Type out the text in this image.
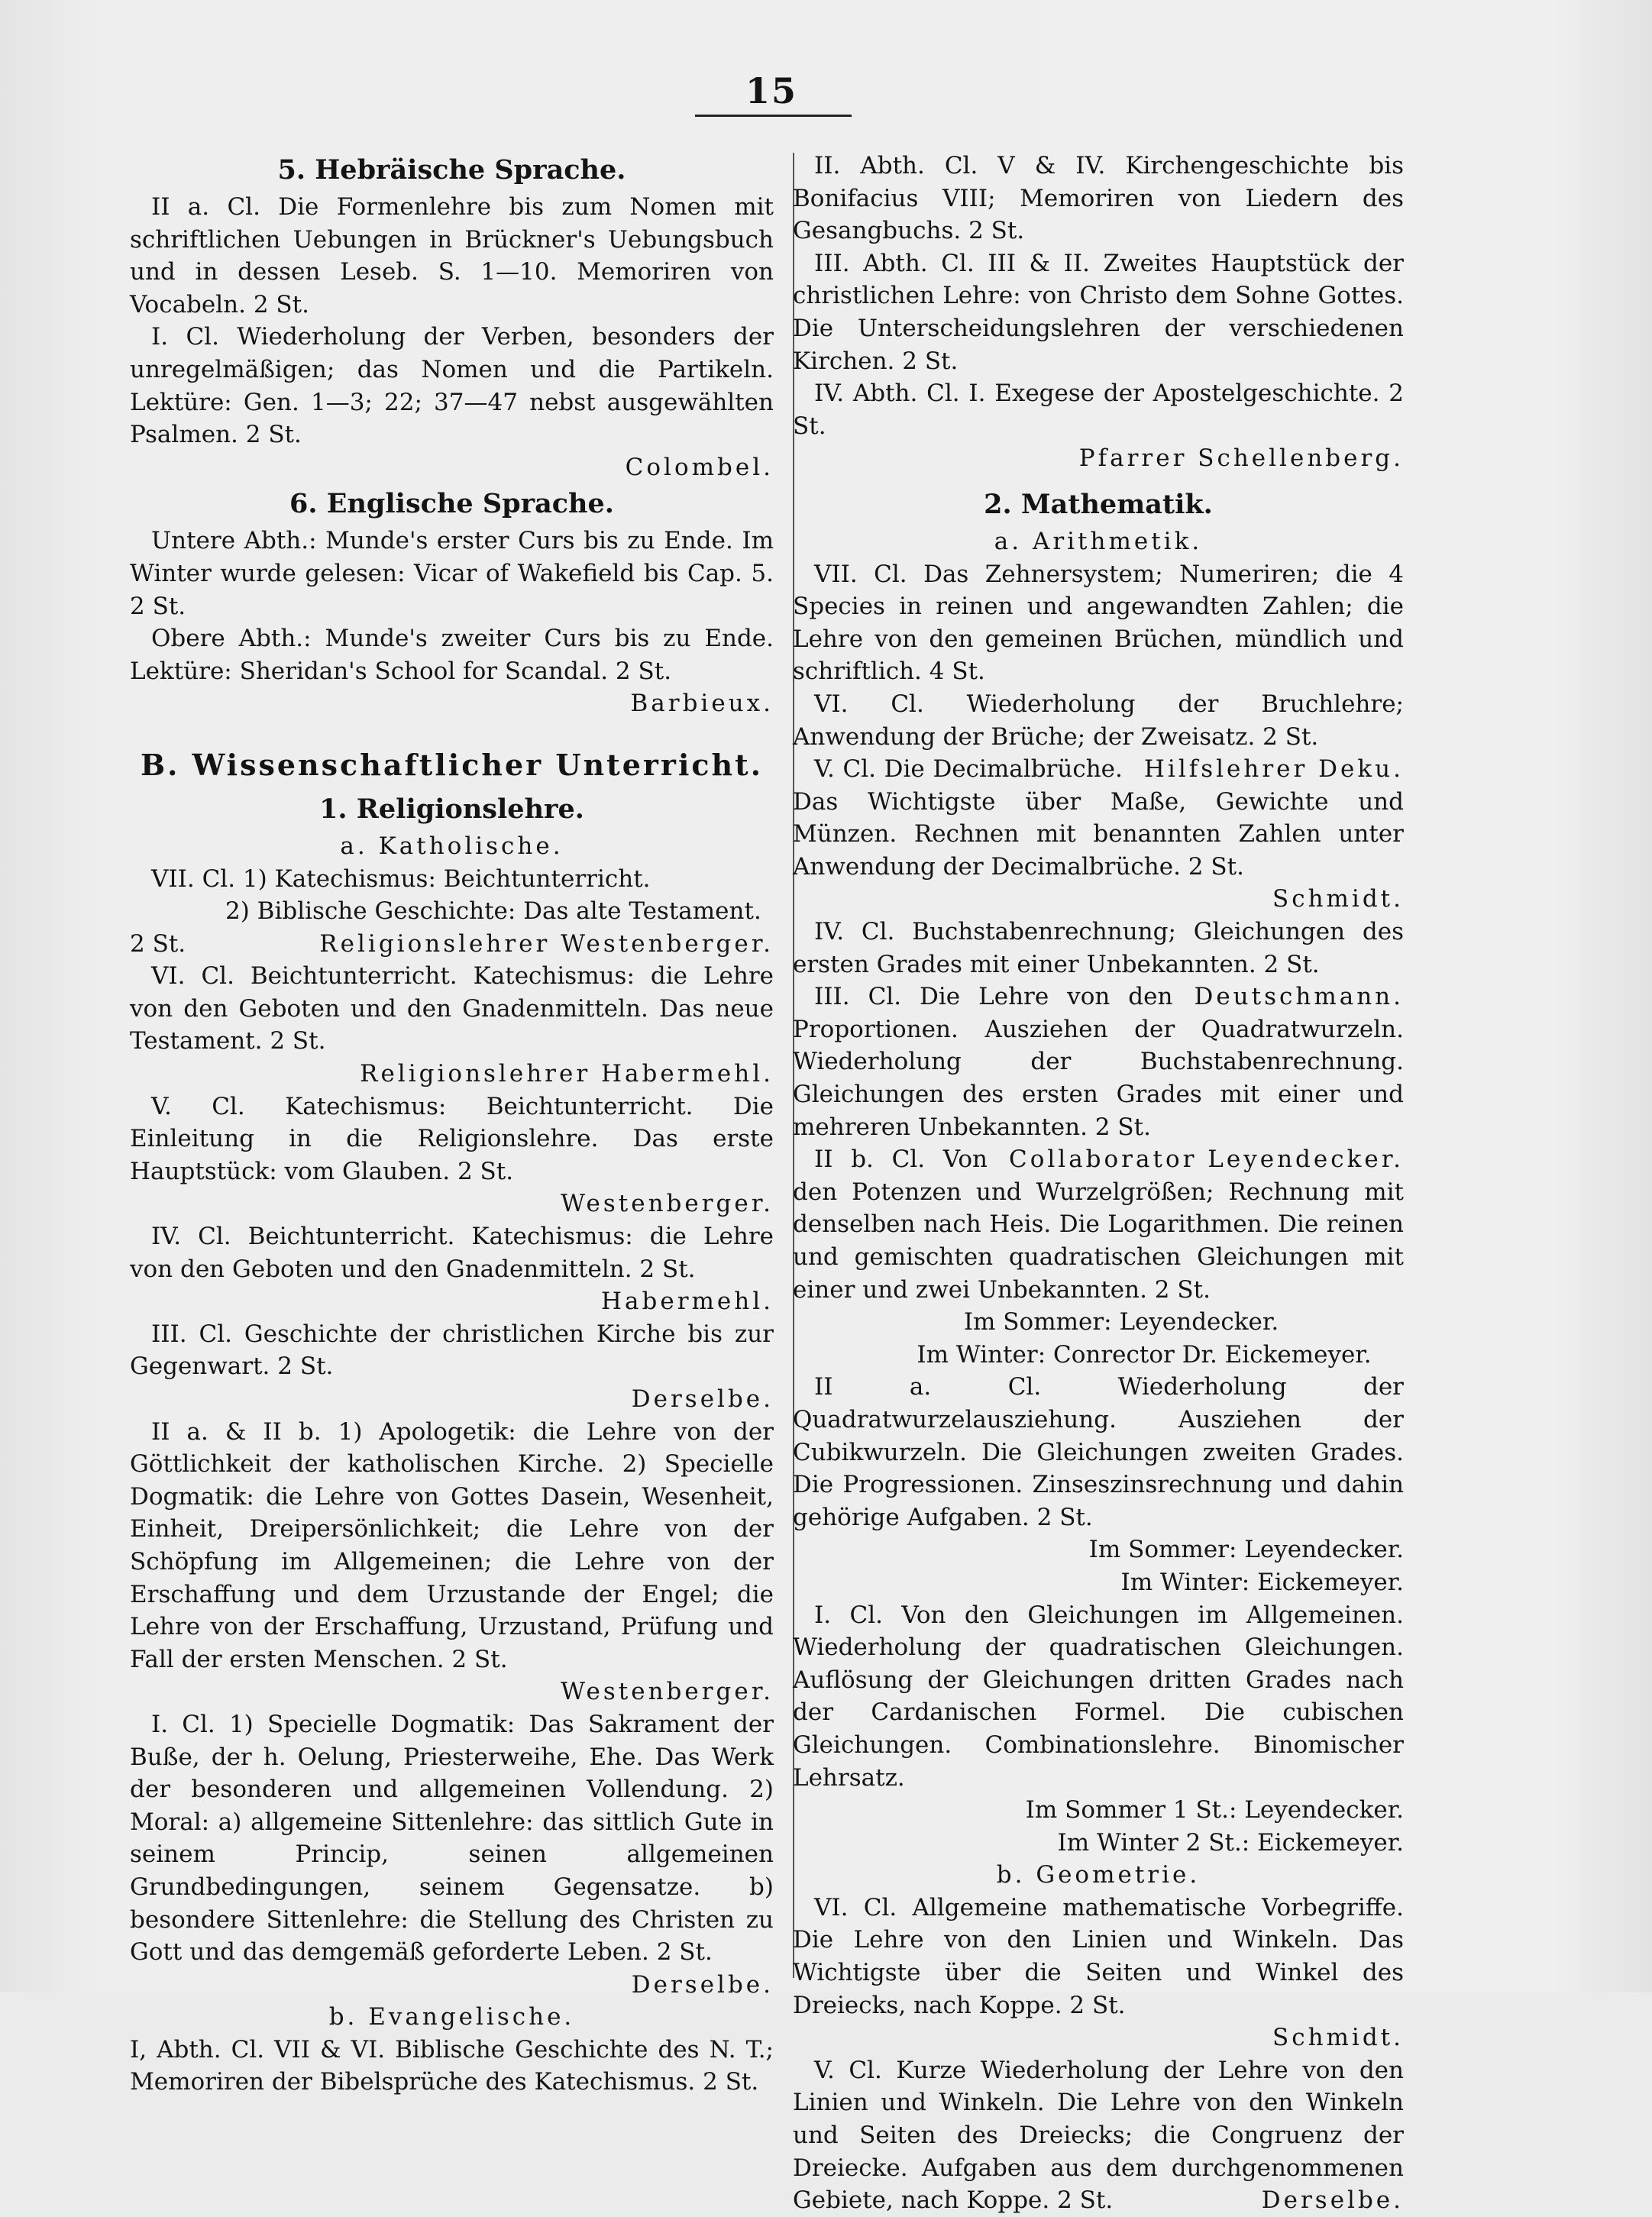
15

5. Hebräische Sprache.

II a. Cl. Die Formenlehre bis zum Nomen mit schriftlichen Uebungen in Brückner's Uebungsbuch und in dessen Leseb. S. 1—10. Memoriren von Vocabeln. 2 St.

I. Cl. Wiederholung der Verben, besonders der unregelmäßigen; das Nomen und die Partikeln. Lektüre: Gen. 1—3; 22; 37—47 nebst ausgewählten Psalmen. 2 St.

Colombel.

6. Englische Sprache.

Untere Abth.: Munde's erster Curs bis zu Ende. Im Winter wurde gelesen: Vicar of Wakefield bis Cap. 5. 2 St.

Obere Abth.: Munde's zweiter Curs bis zu Ende. Lektüre: Sheridan's School for Scandal. 2 St.

Barbieux.

B. Wissenschaftlicher Unterricht.

1. Religionslehre.

a. Katholische.

VII. Cl. 1) Katechismus: Beichtunterricht.

2) Biblische Geschichte: Das alte Testament.

2 St.	Religionslehrer Westenberger.

VI. Cl. Beichtunterricht. Katechismus: die Lehre von den Geboten und den Gnadenmitteln. Das neue Testament. 2 St.

Religionslehrer Habermehl.

V. Cl. Katechismus: Beichtunterricht. Die Einleitung in die Religionslehre. Das erste Hauptstück: vom Glauben. 2 St.

Westenberger.

IV. Cl. Beichtunterricht. Katechismus: die Lehre von den Geboten und den Gnadenmitteln. 2 St.

Habermehl.

III. Cl. Geschichte der christlichen Kirche bis zur Gegenwart. 2 St.

Derselbe.

II a. & II b. 1) Apologetik: die Lehre von der Göttlichkeit der katholischen Kirche. 2) Specielle Dogmatik: die Lehre von Gottes Dasein, Wesenheit, Einheit, Dreipersönlichkeit; die Lehre von der Schöpfung im Allgemeinen; die Lehre von der Erschaffung und dem Urzustande der Engel; die Lehre von der Erschaffung, Urzustand, Prüfung und Fall der ersten Menschen. 2 St.

Westenberger.

I. Cl. 1) Specielle Dogmatik: Das Sakrament der Buße, der h. Oelung, Priesterweihe, Ehe. Das Werk der besonderen und allgemeinen Vollendung. 2) Moral: a) allgemeine Sittenlehre: das sittlich Gute in seinem Princip, seinen allgemeinen Grundbedingungen, seinem Gegensatze. b) besondere Sittenlehre: die Stellung des Christen zu Gott und das demgemäß geforderte Leben. 2 St.

Derselbe.

b. Evangelische.

I, Abth. Cl. VII & VI. Biblische Geschichte des N. T.; Memoriren der Bibelsprüche des Katechismus. 2 St.

II. Abth. Cl. V & IV. Kirchengeschichte bis Bonifacius VIII; Memoriren von Liedern des Gesangbuchs. 2 St.

III. Abth. Cl. III & II. Zweites Hauptstück der christlichen Lehre: von Christo dem Sohne Gottes. Die Unterscheidungslehren der verschiedenen Kirchen. 2 St.

IV. Abth. Cl. I. Exegese der Apostelgeschichte. 2 St.

Pfarrer Schellenberg.

2. Mathematik.

a. Arithmetik.

VII. Cl. Das Zehnersystem; Numeriren; die 4 Species in reinen und angewandten Zahlen; die Lehre von den gemeinen Brüchen, mündlich und schriftlich. 4 St.

VI. Cl. Wiederholung der Bruchlehre; Anwendung der Brüche; der Zweisatz. 2 St.
Hilfslehrer Deku.

V. Cl. Die Decimalbrüche. Das Wichtigste über Maße, Gewichte und Münzen. Rechnen mit benannten Zahlen unter Anwendung der Decimalbrüche. 2 St.

Schmidt.

IV. Cl. Buchstabenrechnung; Gleichungen des ersten Grades mit einer Unbekannten. 2 St.
Deutschmann.

III. Cl. Die Lehre von den Proportionen. Ausziehen der Quadratwurzeln. Wiederholung der Buchstabenrechnung. Gleichungen des ersten Grades mit einer und mehreren Unbekannten. 2 St.
Collaborator Leyendecker.

II b. Cl. Von den Potenzen und Wurzelgrößen; Rechnung mit denselben nach Heis. Die Logarithmen. Die reinen und gemischten quadratischen Gleichungen mit einer und zwei Unbekannten. 2 St.

Im Sommer: Leyendecker.

Im Winter: Conrector Dr. Eickemeyer.

II a. Cl. Wiederholung der Quadratwurzelausziehung. Ausziehen der Cubikwurzeln. Die Gleichungen zweiten Grades. Die Progressionen. Zinseszinsrechnung und dahin gehörige Aufgaben. 2 St.

Im Sommer: Leyendecker.

Im Winter: Eickemeyer.

I. Cl. Von den Gleichungen im Allgemeinen. Wiederholung der quadratischen Gleichungen. Auflösung der Gleichungen dritten Grades nach der Cardanischen Formel. Die cubischen Gleichungen. Combinationslehre. Binomischer Lehrsatz.

Im Sommer 1 St.: Leyendecker.

Im Winter 2 St.: Eickemeyer.

b. Geometrie.

VI. Cl. Allgemeine mathematische Vorbegriffe. Die Lehre von den Linien und Winkeln. Das Wichtigste über die Seiten und Winkel des Dreiecks, nach Koppe. 2 St.

Schmidt.

V. Cl. Kurze Wiederholung der Lehre von den Linien und Winkeln. Die Lehre von den Winkeln und Seiten des Dreiecks; die Congruenz der Dreiecke. Aufgaben aus dem durchgenommenen Gebiete, nach Koppe. 2 St.	Derselbe.
